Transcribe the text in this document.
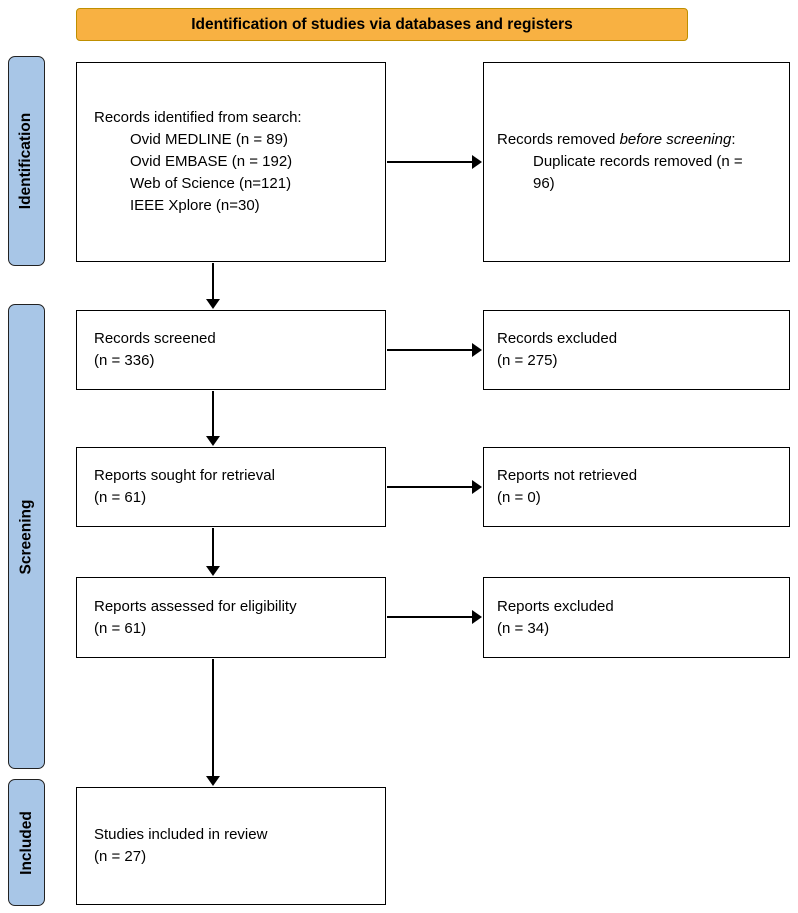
Identification of studies via databases and registers
Identification
Screening
Included
Records identified from search:
Ovid MEDLINE (n = 89)
Ovid EMBASE (n = 192)
Web of Science (n=121)
IEEE Xplore (n=30)
Records removed before screening:
Duplicate records removed (n =
96)
Records screened
(n = 336)
Records excluded
(n = 275)
Reports sought for retrieval
(n = 61)
Reports not retrieved
(n = 0)
Reports assessed for eligibility
(n = 61)
Reports excluded
(n = 34)
Studies included in review
(n = 27)
